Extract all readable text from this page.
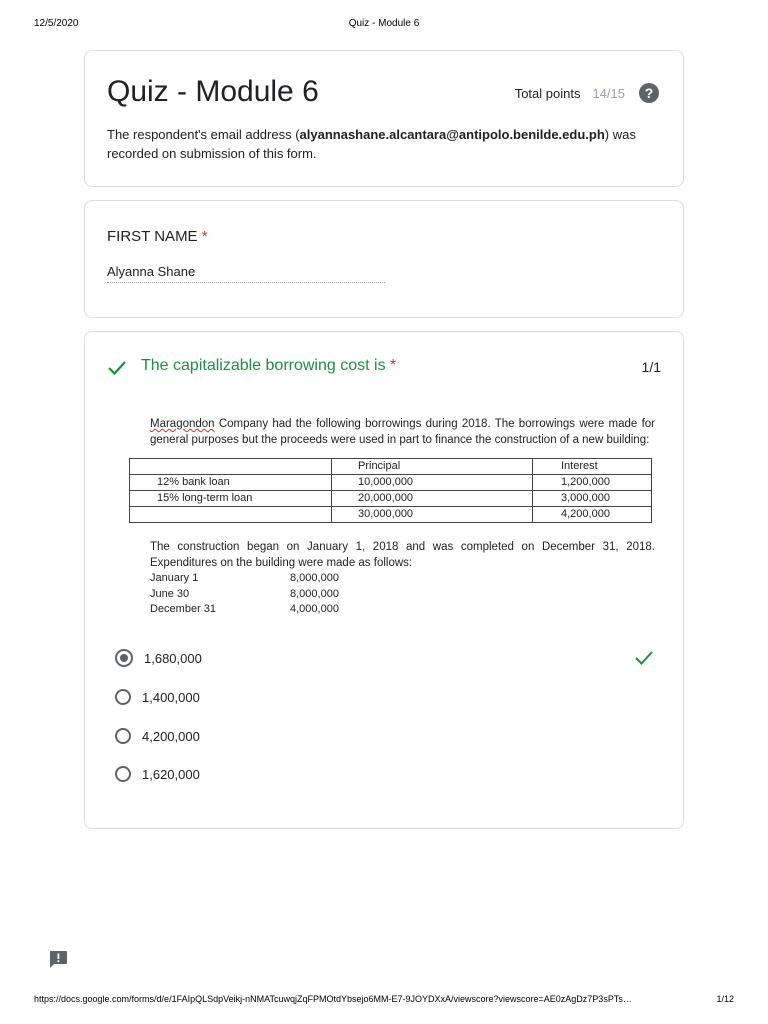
12/5/2020	Quiz - Module 6
Quiz - Module 6	Total points 14/15	?
The respondent's email address (alyannashane.alcantara@antipolo.benilde.edu.ph) was recorded on submission of this form.
FIRST NAME *
Alyanna Shane
The capitalizable borrowing cost is *	1/1
Maragondon Company had the following borrowings during 2018. The borrowings were made for general purposes but the proceeds were used in part to finance the construction of a new building:
	Principal	Interest
12% bank loan	10,000,000	1,200,000
15% long-term loan	20,000,000	3,000,000
	30,000,000	4,200,000
The construction began on January 1, 2018 and was completed on December 31, 2018. Expenditures on the building were made as follows:
January 1	8,000,000
June 30	8,000,000
December 31	4,000,000
1,680,000
1,400,000
4,200,000
1,620,000
https://docs.google.com/forms/d/e/1FAIpQLSdpVeikj-nNMATcuwqjZqFPMOtdYbsejo6MM-E7-9JOYDXxA/viewscore?viewscore=AE0zAgDz7P3sPTs…	1/12
